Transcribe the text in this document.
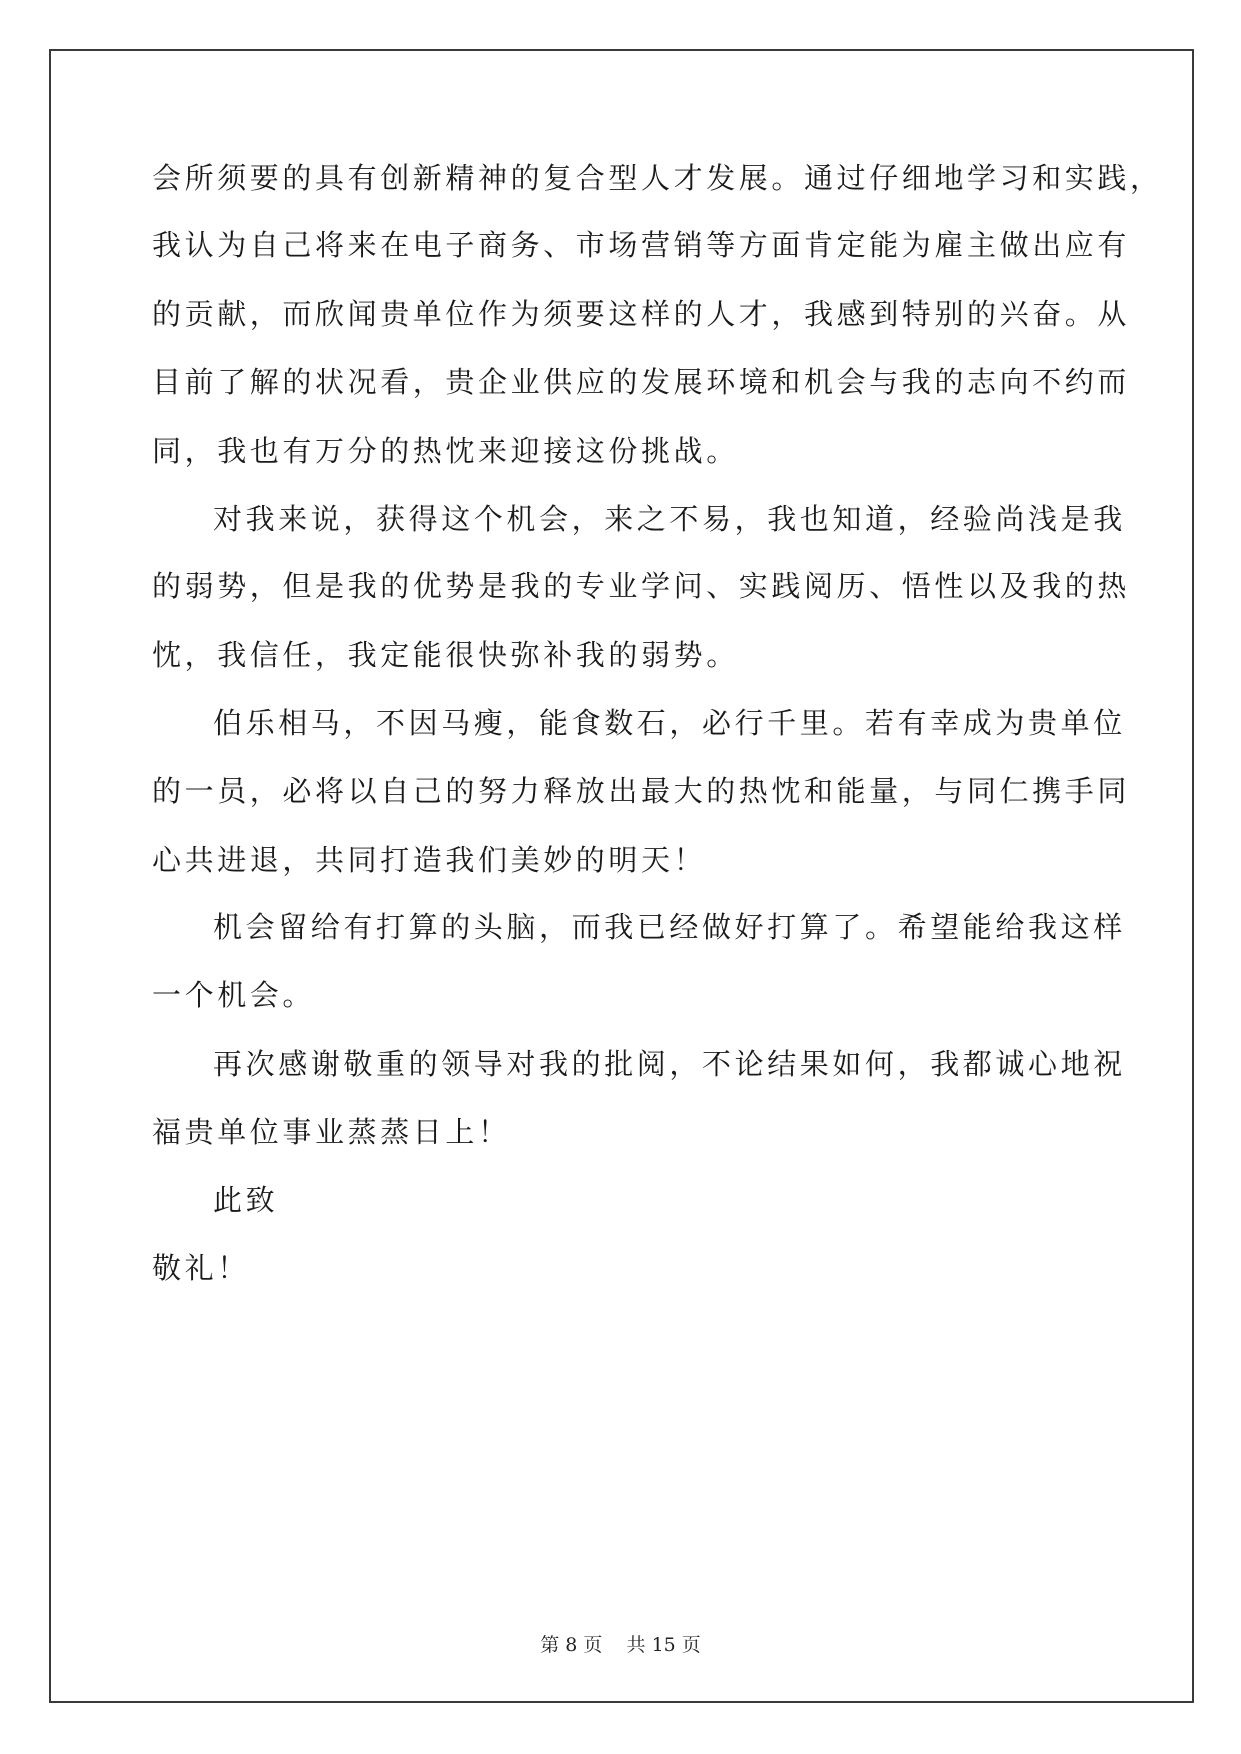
会所须要的具有创新精神的复合型人才发展。通过仔细地学习和实践，
我认为自己将来在电子商务、市场营销等方面肯定能为雇主做出应有
的贡献，而欣闻贵单位作为须要这样的人才，我感到特别的兴奋。从
目前了解的状况看，贵企业供应的发展环境和机会与我的志向不约而
同，我也有万分的热忱来迎接这份挑战。
对我来说，获得这个机会，来之不易，我也知道，经验尚浅是我
的弱势，但是我的优势是我的专业学问、实践阅历、悟性以及我的热
忱，我信任，我定能很快弥补我的弱势。
伯乐相马，不因马瘦，能食数石，必行千里。若有幸成为贵单位
的一员，必将以自己的努力释放出最大的热忱和能量，与同仁携手同
心共进退，共同打造我们美妙的明天！
机会留给有打算的头脑，而我已经做好打算了。希望能给我这样
一个机会。
再次感谢敬重的领导对我的批阅，不论结果如何，我都诚心地祝
福贵单位事业蒸蒸日上！
此致
敬礼！
第 8 页    共 15 页
